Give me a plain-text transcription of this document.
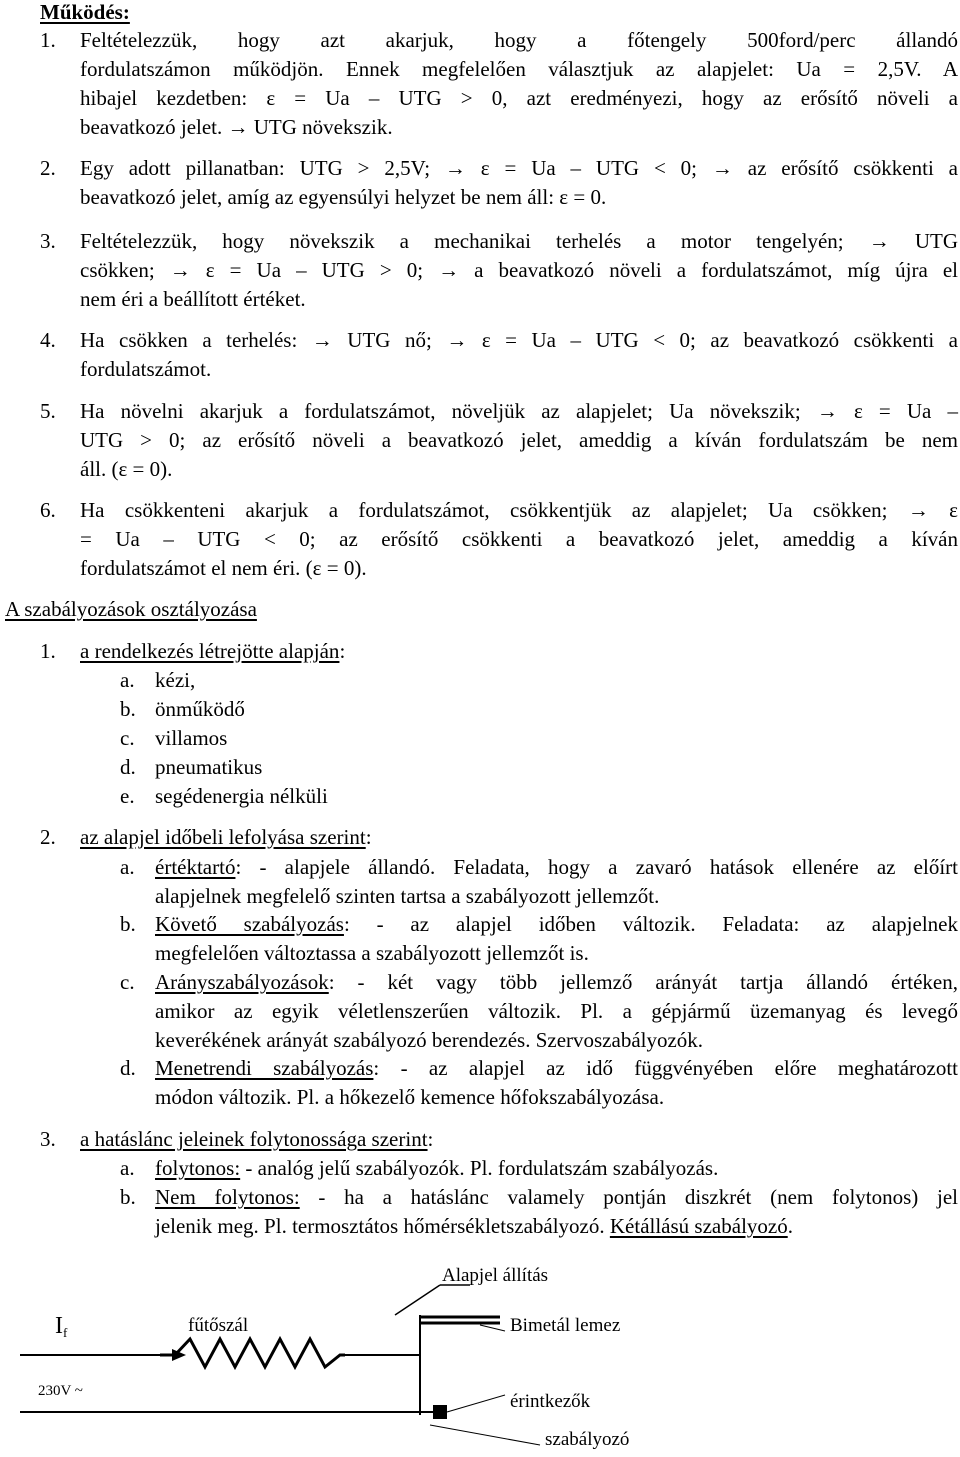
Működés:
1. Feltételezzük, hogy azt akarjuk, hogy a főtengely 500ford/perc állandó
fordulatszámon működjön. Ennek megfelelően választjuk az alapjelet: Ua = 2,5V. A
hibajel kezdetben: ε = Ua – UTG > 0, azt eredményezi, hogy az erősítő növeli a
beavatkozó jelet. → UTG növekszik.
2. Egy adott pillanatban: UTG > 2,5V; → ε = Ua – UTG < 0; → az erősítő csökkenti a
beavatkozó jelet, amíg az egyensúlyi helyzet be nem áll: ε = 0.
3. Feltételezzük, hogy növekszik a mechanikai terhelés a motor tengelyén; → UTG
csökken; → ε = Ua – UTG > 0; → a beavatkozó növeli a fordulatszámot, míg újra el
nem éri a beállított értéket.
4. Ha csökken a terhelés: → UTG nő; → ε = Ua – UTG < 0; az beavatkozó csökkenti a
fordulatszámot.
5. Ha növelni akarjuk a fordulatszámot, növeljük az alapjelet; Ua növekszik; → ε = Ua –
UTG > 0; az erősítő növeli a beavatkozó jelet, ameddig a kíván fordulatszám be nem
áll. (ε = 0).
6. Ha csökkenteni akarjuk a fordulatszámot, csökkentjük az alapjelet; Ua csökken; → ε
= Ua – UTG < 0; az erősítő csökkenti a beavatkozó jelet, ameddig a kíván
fordulatszámot el nem éri. (ε = 0).
A szabályozások osztályozása
1. a rendelkezés létrejötte alapján:
a. kézi,
b. önműködő
c. villamos
d. pneumatikus
e. segédenergia nélküli
2. az alapjel időbeli lefolyása szerint:
a. értéktartó: - alapjele állandó. Feladata, hogy a zavaró hatások ellenére az előírt
alapjelnek megfelelő szinten tartsa a szabályozott jellemzőt.
b. Követő szabályozás: - az alapjel időben változik. Feladata: az alapjelnek
megfelelően változtassa a szabályozott jellemzőt is.
c. Arányszabályozások: - két vagy több jellemző arányát tartja állandó értéken,
amikor az egyik véletlenszerűen változik. Pl. a gépjármű üzemanyag és levegő
keverékének arányát szabályozó berendezés. Szervoszabályozók.
d. Menetrendi szabályozás: - az alapjel az idő függvényében előre meghatározott
módon változik. Pl. a hőkezelő kemence hőfokszabályozása.
3. a hatáslánc jeleinek folytonossága szerint:
a. folytonos: - analóg jelű szabályozók. Pl. fordulatszám szabályozás.
b. Nem folytonos: - ha a hatáslánc valamely pontján diszkrét (nem folytonos) jel
jelenik meg. Pl. termosztátos hőmérsékletszabályozó. Kétállású szabályozó.
Alapjel állítás
$I_f$	fűtőszál	Bimetál lemez
230V ~	érintkezők
szabályozó
